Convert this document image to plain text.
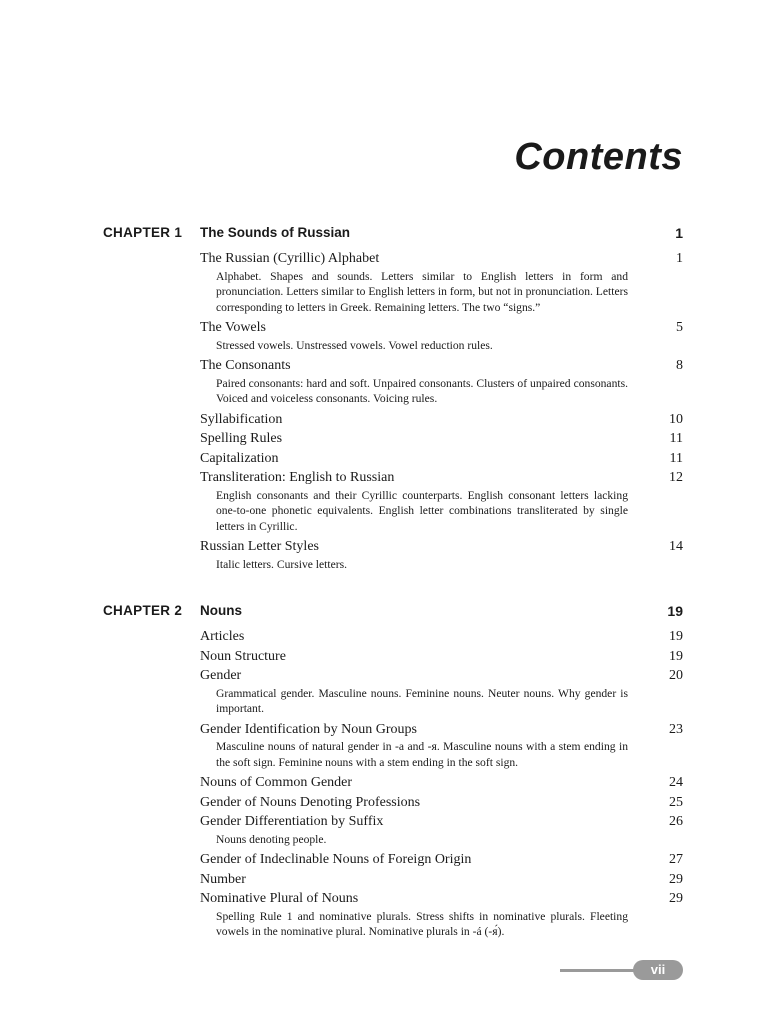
Contents
CHAPTER 1 The Sounds of Russian	1
The Russian (Cyrillic) Alphabet	1
Alphabet. Shapes and sounds. Letters similar to English letters in form and pronunciation. Letters similar to English letters in form, but not in pronunciation. Letters corresponding to letters in Greek. Remaining letters. The two “signs.”
The Vowels	5
Stressed vowels. Unstressed vowels. Vowel reduction rules.
The Consonants	8
Paired consonants: hard and soft. Unpaired consonants. Clusters of unpaired consonants. Voiced and voiceless consonants. Voicing rules.
Syllabification	10
Spelling Rules	11
Capitalization	11
Transliteration: English to Russian	12
English consonants and their Cyrillic counterparts. English consonant letters lacking one-to-one phonetic equivalents. English letter combinations transliterated by single letters in Cyrillic.
Russian Letter Styles	14
Italic letters. Cursive letters.
CHAPTER 2 Nouns	19
Articles	19
Noun Structure	19
Gender	20
Grammatical gender. Masculine nouns. Feminine nouns. Neuter nouns. Why gender is important.
Gender Identification by Noun Groups	23
Masculine nouns of natural gender in -а and -я. Masculine nouns with a stem ending in the soft sign. Feminine nouns with a stem ending in the soft sign.
Nouns of Common Gender	24
Gender of Nouns Denoting Professions	25
Gender Differentiation by Suffix	26
Nouns denoting people.
Gender of Indeclinable Nouns of Foreign Origin	27
Number	29
Nominative Plural of Nouns	29
Spelling Rule 1 and nominative plurals. Stress shifts in nominative plurals. Fleeting vowels in the nominative plural. Nominative plurals in -á (-я́).
vii
